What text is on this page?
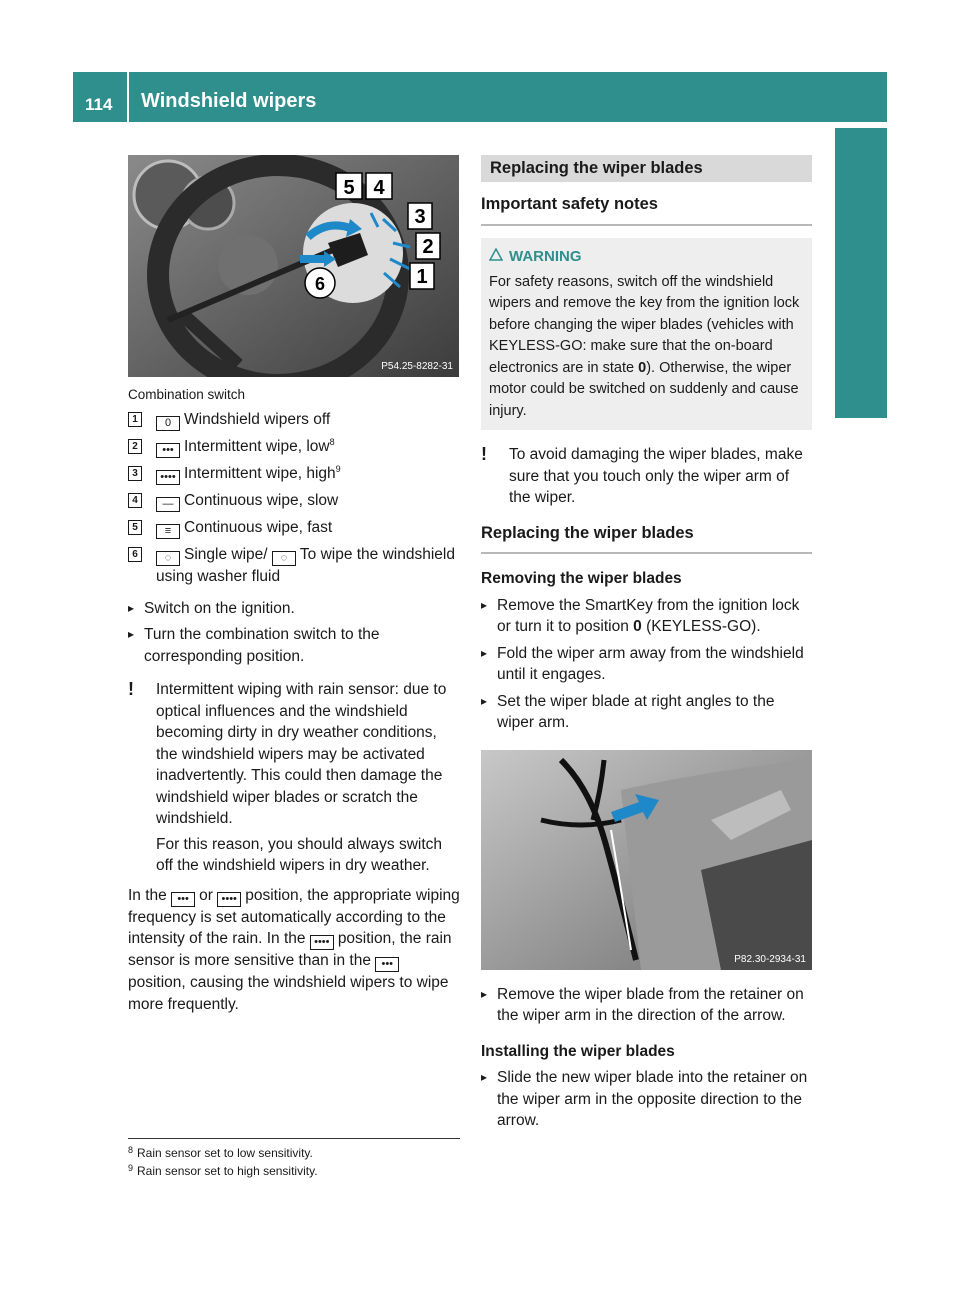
114 Windshield wipers
Lights and windshield wipers
5 4
3
2
1
6
P54.25-8282-31
Combination switch
1	0 Windshield wipers off
2	••• Intermittent wipe, low$^8$
3	•••• Intermittent wipe, high$^9$
4	— Continuous wipe, slow
5	≡ Continuous wipe, fast
6	◌ Single wipe/ ◌ To wipe the windshield using washer fluid
▸ Switch on the ignition.
▸ Turn the combination switch to the corresponding position.
! Intermittent wiping with rain sensor: due to optical influences and the windshield becoming dirty in dry weather conditions, the windshield wipers may be activated inadvertently. This could then damage the windshield wiper blades or scratch the windshield.

For this reason, you should always switch off the windshield wipers in dry weather.

In the ••• or •••• position, the appropriate wiping frequency is set automatically according to the intensity of the rain. In the •••• position, the rain sensor is more sensitive than in the •••position, causing the windshield wipers to wipe more frequently.
Replacing the wiper blades
Important safety notes
WARNING
For safety reasons, switch off the windshield wipers and remove the key from the ignition lock before changing the wiper blades (vehicles with KEYLESS-GO: make sure that the on-board electronics are in state 0). Otherwise, the wiper motor could be switched on suddenly and cause injury.
! To avoid damaging the wiper blades, make sure that you touch only the wiper arm of the wiper.

Replacing the wiper blades
Removing the wiper blades
▸ Remove the SmartKey from the ignition lock or turn it to position 0 (KEYLESS-GO).
▸ Fold the wiper arm away from the windshield until it engages.
▸ Set the wiper blade at right angles to the wiper arm.
P82.30-2934-31
▸ Remove the wiper blade from the retainer on the wiper arm in the direction of the arrow.
Installing the wiper blades
▸ Slide the new wiper blade into the retainer on the wiper arm in the opposite direction to the arrow.
$^8$ Rain sensor set to low sensitivity.
$^9$ Rain sensor set to high sensitivity.
